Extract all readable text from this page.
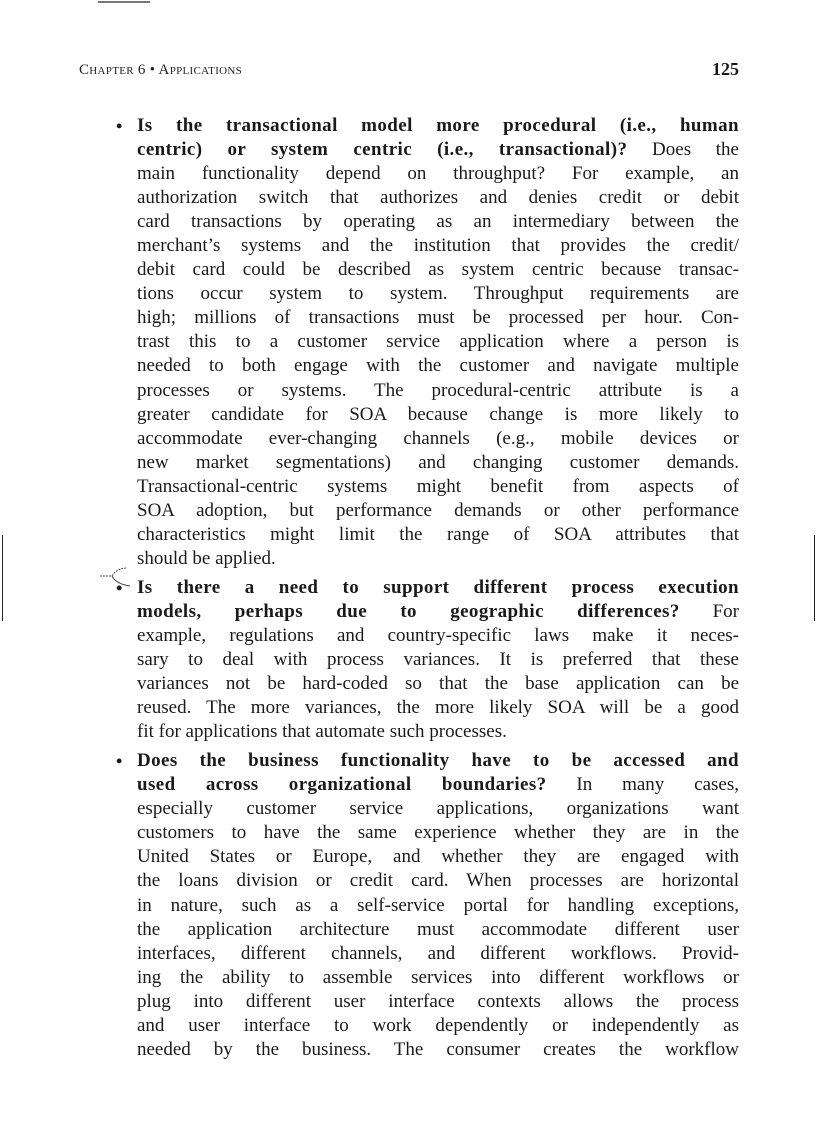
Chapter 6 • Applications	125
• Is the transactional model more procedural (i.e., human
centric) or system centric (i.e., transactional)? Does the
main functionality depend on throughput? For example, an
authorization switch that authorizes and denies credit or debit
card transactions by operating as an intermediary between the
merchant’s systems and the institution that provides the credit/
debit card could be described as system centric because transac-
tions occur system to system. Throughput requirements are
high; millions of transactions must be processed per hour. Con-
trast this to a customer service application where a person is
needed to both engage with the customer and navigate multiple
processes or systems. The procedural-centric attribute is a
greater candidate for SOA because change is more likely to
accommodate ever-changing channels (e.g., mobile devices or
new market segmentations) and changing customer demands.
Transactional-centric systems might benefit from aspects of
SOA adoption, but performance demands or other performance
characteristics might limit the range of SOA attributes that
should be applied.
• Is there a need to support different process execution
models, perhaps due to geographic differences? For
example, regulations and country-specific laws make it neces-
sary to deal with process variances. It is preferred that these
variances not be hard-coded so that the base application can be
reused. The more variances, the more likely SOA will be a good
fit for applications that automate such processes.
• Does the business functionality have to be accessed and
used across organizational boundaries? In many cases,
especially customer service applications, organizations want
customers to have the same experience whether they are in the
United States or Europe, and whether they are engaged with
the loans division or credit card. When processes are horizontal
in nature, such as a self-service portal for handling exceptions,
the application architecture must accommodate different user
interfaces, different channels, and different workflows. Provid-
ing the ability to assemble services into different workflows or
plug into different user interface contexts allows the process
and user interface to work dependently or independently as
needed by the business. The consumer creates the workflow
